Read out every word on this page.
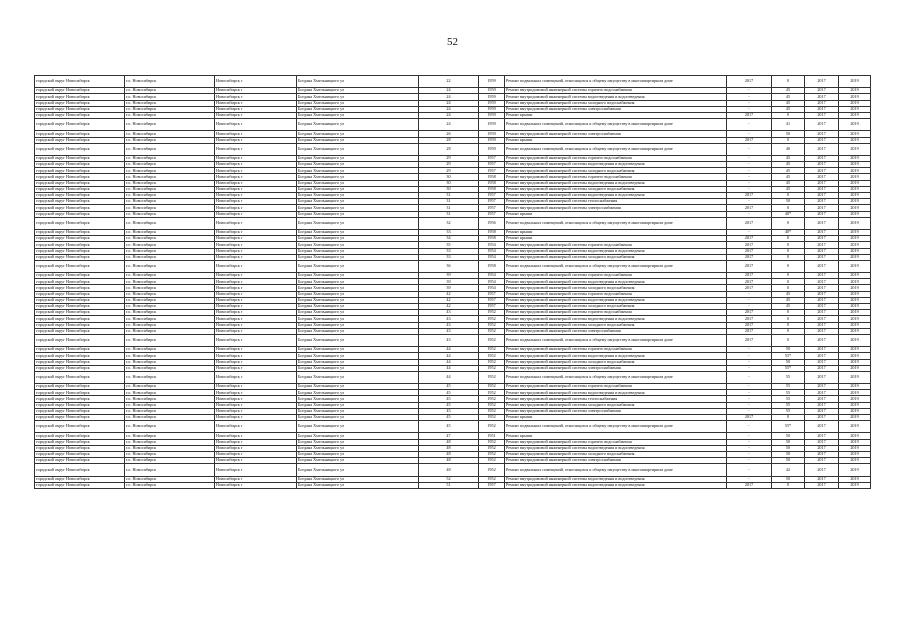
52
городской округ Новосибирск	г.о. Новосибирск	Новосибирск г	Богдана Хмельницкого ул	22	1959	Ремонт подвальных помещений, относящихся к общему имуществу в многоквартирном доме	2017	0	2017	2019
городской округ Новосибирск	г.о. Новосибирск	Новосибирск г	Богдана Хмельницкого ул	24	1959	Ремонт внутридомовой инженерной системы горячего водоснабжения	-	45	2017	2019
городской округ Новосибирск	г.о. Новосибирск	Новосибирск г	Богдана Хмельницкого ул	24	1959	Ремонт внутридомовой инженерной системы водоотведения и водоотведения	-	45	2017	2019
городской округ Новосибирск	г.о. Новосибирск	Новосибирск г	Богдана Хмельницкого ул	24	1959	Ремонт внутридомовой инженерной системы холодного водоснабжения	-	45	2017	2019
городской округ Новосибирск	г.о. Новосибирск	Новосибирск г	Богдана Хмельницкого ул	24	1959	Ремонт внутридомовой инженерной системы электроснабжения	-	45	2017	2019
городской округ Новосибирск	г.о. Новосибирск	Новосибирск г	Богдана Хмельницкого ул	24	1959	Ремонт крыши	2017	0	2017	2019
городской округ Новосибирск	г.о. Новосибирск	Новосибирск г	Богдана Хмельницкого ул	24	1959	Ремонт подвальных помещений, относящихся к общему имуществу в многоквартирном доме	-	41	2017	2019
городской округ Новосибирск	г.о. Новосибирск	Новосибирск г	Богдана Хмельницкого ул	26	1959	Ремонт внутридомовой инженерной системы электроснабжения	-	50	2017	2019
городской округ Новосибирск	г.о. Новосибирск	Новосибирск г	Богдана Хмельницкого ул	28	1959	Ремонт крыши	2017	0	2017	2019
городской округ Новосибирск	г.о. Новосибирск	Новосибирск г	Богдана Хмельницкого ул	28	1959	Ремонт подвальных помещений, относящихся к общему имуществу в многоквартирном доме	-	40	2017	2019
городской округ Новосибирск	г.о. Новосибирск	Новосибирск г	Богдана Хмельницкого ул	29	1957	Ремонт внутридомовой инженерной системы горячего водоснабжения	-	45	2017	2019
городской округ Новосибирск	г.о. Новосибирск	Новосибирск г	Богдана Хмельницкого ул	29	1957	Ремонт внутридомовой инженерной системы водоотведения и водоотведения	-	45	2017	2019
городской округ Новосибирск	г.о. Новосибирск	Новосибирск г	Богдана Хмельницкого ул	29	1957	Ремонт внутридомовой инженерной системы холодного водоснабжения	-	45	2017	2019
городской округ Новосибирск	г.о. Новосибирск	Новосибирск г	Богдана Хмельницкого ул	30	1958	Ремонт внутридомовой инженерной системы горячего водоснабжения	-	45	2017	2019
городской округ Новосибирск	г.о. Новосибирск	Новосибирск г	Богдана Хмельницкого ул	30	1958	Ремонт внутридомовой инженерной системы водоотведения и водоотведения	-	45	2017	2019
городской округ Новосибирск	г.о. Новосибирск	Новосибирск г	Богдана Хмельницкого ул	30	1958	Ремонт внутридомовой инженерной системы холодного водоснабжения	-	45	2017	2019
городской округ Новосибирск	г.о. Новосибирск	Новосибирск г	Богдана Хмельницкого ул	31	1957	Ремонт внутридомовой инженерной системы водоотведения и водоотведения	2017	0	2017	2019
городской округ Новосибирск	г.о. Новосибирск	Новосибирск г	Богдана Хмельницкого ул	31	1957	Ремонт внутридомовой инженерной системы теплоснабжения	-	50	2017	2019
городской округ Новосибирск	г.о. Новосибирск	Новосибирск г	Богдана Хмельницкого ул	31	1957	Ремонт внутридомовой инженерной системы электроснабжения	2017	0	2017	2019
городской округ Новосибирск	г.о. Новосибирск	Новосибирск г	Богдана Хмельницкого ул	31	1957	Ремонт крыши	-	40*	2017	2019
городской округ Новосибирск	г.о. Новосибирск	Новосибирск г	Богдана Хмельницкого ул	32	1956	Ремонт подвальных помещений, относящихся к общему имуществу в многоквартирном доме	2017	0	2017	2019
городской округ Новосибирск	г.о. Новосибирск	Новосибирск г	Богдана Хмельницкого ул	33	1958	Ремонт крыши	-	40*	2017	2019
городской округ Новосибирск	г.о. Новосибирск	Новосибирск г	Богдана Хмельницкого ул	34	1958	Ремонт крыши	2017	0	2017	2019
городской округ Новосибирск	г.о. Новосибирск	Новосибирск г	Богдана Хмельницкого ул	35	1954	Ремонт внутридомовой инженерной системы горячего водоснабжения	2017	0	2017	2019
городской округ Новосибирск	г.о. Новосибирск	Новосибирск г	Богдана Хмельницкого ул	33	1954	Ремонт внутридомовой инженерной системы водоотведения и водоотведения	2017	0	2017	2019
городской округ Новосибирск	г.о. Новосибирск	Новосибирск г	Богдана Хмельницкого ул	33	1954	Ремонт внутридомовой инженерной системы холодного водоснабжения	2017	0	2017	2019
городской округ Новосибирск	г.о. Новосибирск	Новосибирск г	Богдана Хмельницкого ул	36	1958	Ремонт подвальных помещений, относящихся к общему имуществу в многоквартирном доме	2017	0	2017	2019
городской округ Новосибирск	г.о. Новосибирск	Новосибирск г	Богдана Хмельницкого ул	39	1954	Ремонт внутридомовой инженерной системы горячего водоснабжения	2017	0	2017	2019
городской округ Новосибирск	г.о. Новосибирск	Новосибирск г	Богдана Хмельницкого ул	39	1954	Ремонт внутридомовой инженерной системы водоотведения и водоотведения	2017	0	2017	2019
городской округ Новосибирск	г.о. Новосибирск	Новосибирск г	Богдана Хмельницкого ул	39	1954	Ремонт внутридомовой инженерной системы холодного водоснабжения	2017	0	2017	2019
городской округ Новосибирск	г.о. Новосибирск	Новосибирск г	Богдана Хмельницкого ул	42	1957	Ремонт внутридомовой инженерной системы горячего водоснабжения	-	45	2017	2019
городской округ Новосибирск	г.о. Новосибирск	Новосибирск г	Богдана Хмельницкого ул	42	1957	Ремонт внутридомовой инженерной системы водоотведения и водоотведения	-	45	2017	2019
городской округ Новосибирск	г.о. Новосибирск	Новосибирск г	Богдана Хмельницкого ул	42	1957	Ремонт внутридомовой инженерной системы холодного водоснабжения	-	45	2017	2019
городской округ Новосибирск	г.о. Новосибирск	Новосибирск г	Богдана Хмельницкого ул	43	1952	Ремонт внутридомовой инженерной системы горячего водоснабжения	2017	0	2017	2019
городской округ Новосибирск	г.о. Новосибирск	Новосибирск г	Богдана Хмельницкого ул	43	1952	Ремонт внутридомовой инженерной системы водоотведения и водоотведения	2017	0	2017	2019
городской округ Новосибирск	г.о. Новосибирск	Новосибирск г	Богдана Хмельницкого ул	43	1952	Ремонт внутридомовой инженерной системы холодного водоснабжения	2017	0	2017	2019
городской округ Новосибирск	г.о. Новосибирск	Новосибирск г	Богдана Хмельницкого ул	43	1952	Ремонт внутридомовой инженерной системы электроснабжения	2017	0	2017	2019
городской округ Новосибирск	г.о. Новосибирск	Новосибирск г	Богдана Хмельницкого ул	43	1952	Ремонт подвальных помещений, относящихся к общему имуществу в многоквартирном доме	2017	0	2017	2019
городской округ Новосибирск	г.о. Новосибирск	Новосибирск г	Богдана Хмельницкого ул	44	1952	Ремонт внутридомовой инженерной системы горячего водоснабжения	-	50	2017	2019
городской округ Новосибирск	г.о. Новосибирск	Новосибирск г	Богдана Хмельницкого ул	44	1952	Ремонт внутридомовой инженерной системы водоотведения и водоотведения	-	55*	2017	2019
городской округ Новосибирск	г.о. Новосибирск	Новосибирск г	Богдана Хмельницкого ул	44	1952	Ремонт внутридомовой инженерной системы холодного водоснабжения	-	50	2017	2019
городской округ Новосибирск	г.о. Новосибирск	Новосибирск г	Богдана Хмельницкого ул	44	1952	Ремонт внутридомовой инженерной системы электроснабжения	-	55*	2017	2019
городской округ Новосибирск	г.о. Новосибирск	Новосибирск г	Богдана Хмельницкого ул	44	1952	Ремонт подвальных помещений, относящихся к общему имуществу в многоквартирном доме	-	55	2017	2019
городской округ Новосибирск	г.о. Новосибирск	Новосибирск г	Богдана Хмельницкого ул	45	1952	Ремонт внутридомовой инженерной системы горячего водоснабжения	-	55	2017	2019
городской округ Новосибирск	г.о. Новосибирск	Новосибирск г	Богдана Хмельницкого ул	45	1952	Ремонт внутридомовой инженерной системы водоотведения и водоотведения	-	55	2017	2019
городской округ Новосибирск	г.о. Новосибирск	Новосибирск г	Богдана Хмельницкого ул	45	1952	Ремонт внутридомовой инженерной системы теплоснабжения	-	55	2017	2019
городской округ Новосибирск	г.о. Новосибирск	Новосибирск г	Богдана Хмельницкого ул	45	1952	Ремонт внутридомовой инженерной системы холодного водоснабжения	-	55	2017	2019
городской округ Новосибирск	г.о. Новосибирск	Новосибирск г	Богдана Хмельницкого ул	45	1952	Ремонт внутридомовой инженерной системы электроснабжения	-	55	2017	2019
городской округ Новосибирск	г.о. Новосибирск	Новосибирск г	Богдана Хмельницкого ул	45	1952	Ремонт крыши	2017	0	2017	2019
городской округ Новосибирск	г.о. Новосибирск	Новосибирск г	Богдана Хмельницкого ул	45	1952	Ремонт подвальных помещений, относящихся к общему имуществу в многоквартирном доме	-	55*	2017	2019
городской округ Новосибирск	г.о. Новосибирск	Новосибирск г	Богдана Хмельницкого ул	47	1951	Ремонт крыши	-	50	2017	2019
городской округ Новосибирск	г.о. Новосибирск	Новосибирск г	Богдана Хмельницкого ул	48	1952	Ремонт внутридомовой инженерной системы горячего водоснабжения	-	50	2017	2019
городской округ Новосибирск	г.о. Новосибирск	Новосибирск г	Богдана Хмельницкого ул	48	1952	Ремонт внутридомовой инженерной системы водоотведения и водоотведения	-	50	2017	2019
городской округ Новосибирск	г.о. Новосибирск	Новосибирск г	Богдана Хмельницкого ул	48	1952	Ремонт внутридомовой инженерной системы холодного водоснабжения	-	50	2017	2019
городской округ Новосибирск	г.о. Новосибирск	Новосибирск г	Богдана Хмельницкого ул	48	1952	Ремонт внутридомовой инженерной системы электроснабжения	-	50	2017	2019
городской округ Новосибирск	г.о. Новосибирск	Новосибирск г	Богдана Хмельницкого ул	48	1952	Ремонт подвальных помещений, относящихся к общему имуществу в многоквартирном доме	-	42	2017	2019
городской округ Новосибирск	г.о. Новосибирск	Новосибирск г	Богдана Хмельницкого ул	52	1952	Ремонт внутридомовой инженерной системы водоотведения и водоотведения	-	50	2017	2019
городской округ Новосибирск	г.о. Новосибирск	Новосибирск г	Богдана Хмельницкого ул	51	1957	Ремонт внутридомовой инженерной системы водоотведения и водоотведения	2017	0	2017	2019
